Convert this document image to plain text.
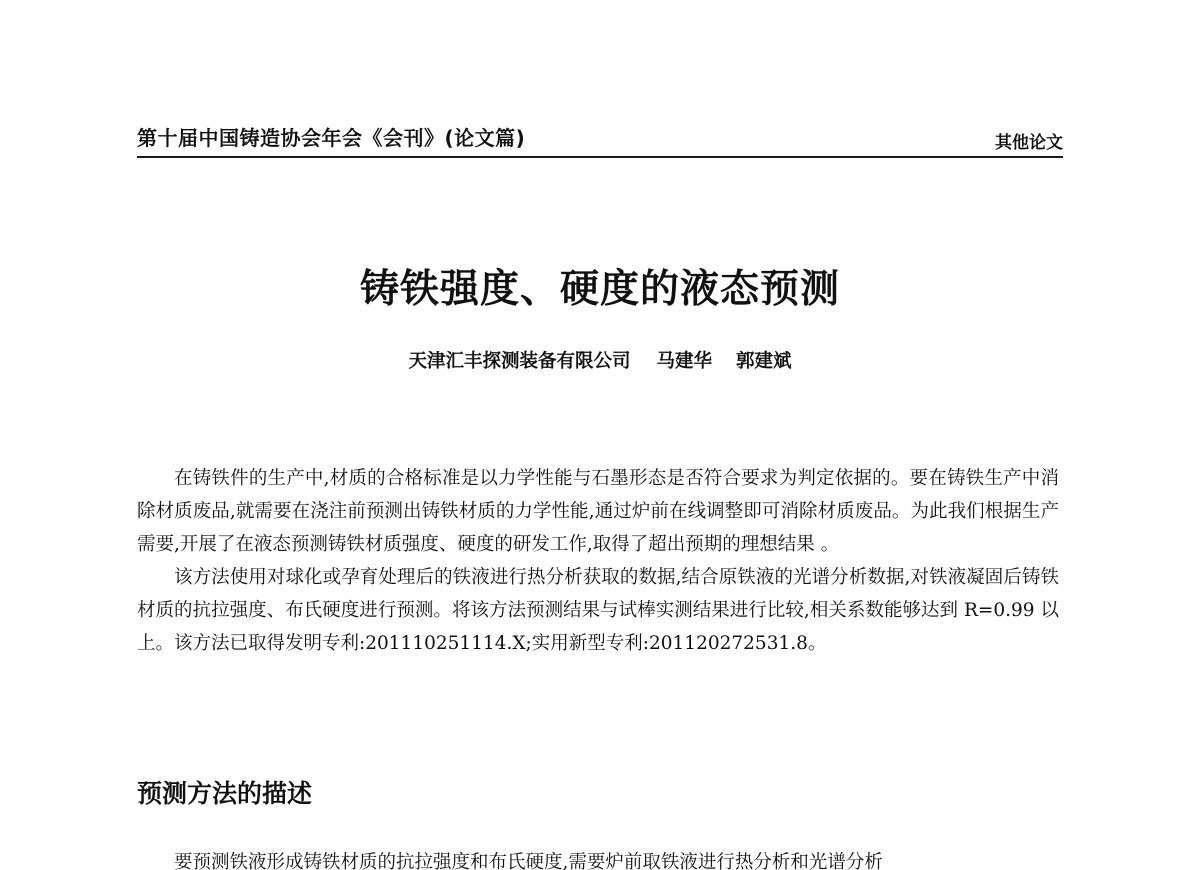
第十届中国铸造协会年会《会刊》(论文篇)	其他论文
铸铁强度、硬度的液态预测
天津汇丰探测装备有限公司 马建华 郭建斌

在铸铁件的生产中,材质的合格标准是以力学性能与石墨形态是否符合要求为判定依据的。要在铸铁生产中消除材质废品,就需要在浇注前预测出铸铁材质的力学性能,通过炉前在线调整即可消除材质废品。为此我们根据生产需要,开展了在液态预测铸铁材质强度、硬度的研发工作,取得了超出预期的理想结果 。

该方法使用对球化或孕育处理后的铁液进行热分析获取的数据,结合原铁液的光谱分析数据,对铁液凝固后铸铁材质的抗拉强度、布氏硬度进行预测。将该方法预测结果与试棒实测结果进行比较,相关系数能够达到 R=0.99 以上。该方法已取得发明专利:201110251114.X;实用新型专利:201120272531.8。

预测方法的描述
要预测铁液形成铸铁材质的抗拉强度和布氏硬度,需要炉前取铁液进行热分析和光谱分析
